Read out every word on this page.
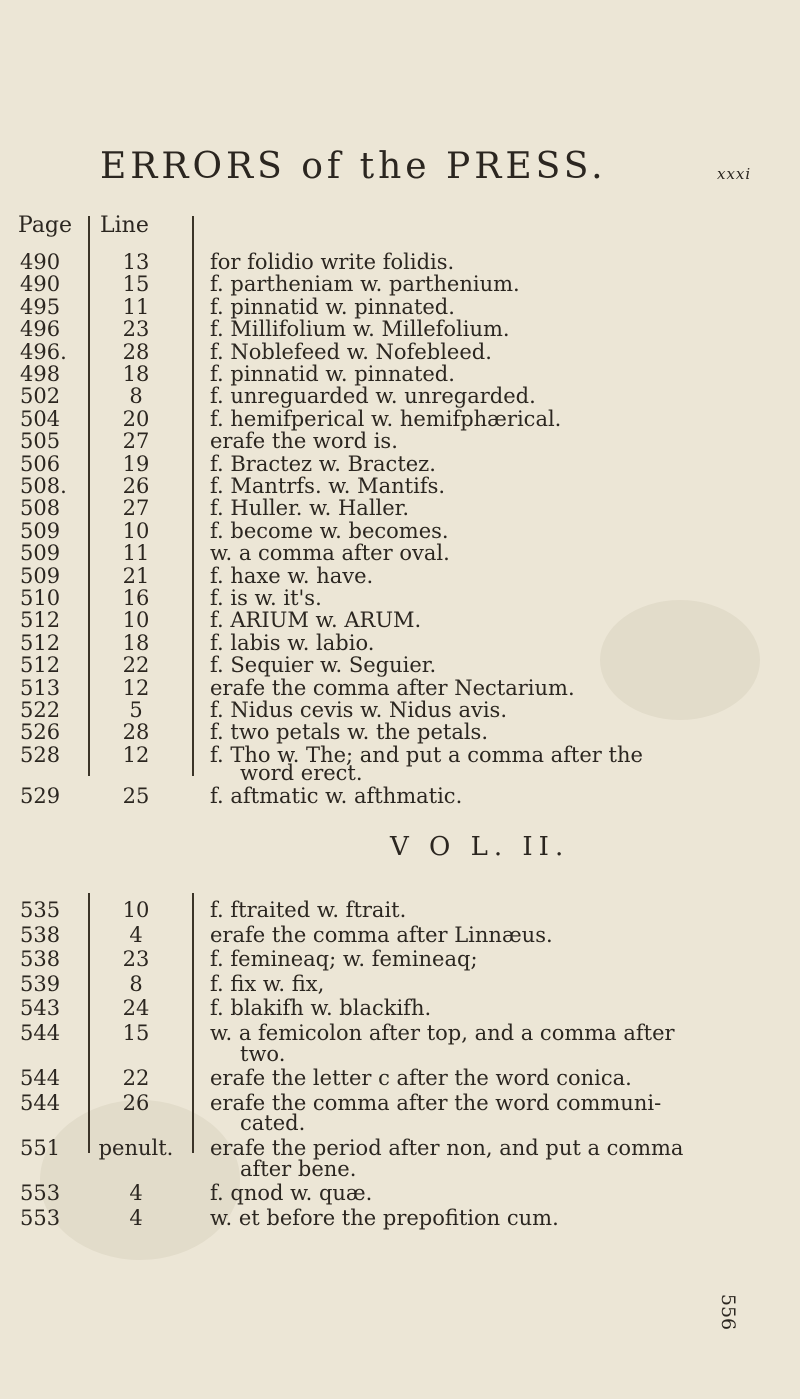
ERRORS of the PRESS.	xxxi
Page Line
490	13	for folidio write folidis.
490	15	f. partheniam w. parthenium.
495	11	f. pinnatid w. pinnated.
496	23	f. Millifolium w. Millefolium.
496.	28	f. Noblefeed w. Nofebleed.
498	18	f. pinnatid w. pinnated.
502	8	f. unreguarded w. unregarded.
504	20	f. hemifperical w. hemifphærical.
505	27	erafe the word is.
506	19	f. Bractez w. Bractez.
508.	26	f. Mantrfs. w. Mantifs.
508	27	f. Huller. w. Haller.
509	10	f. become w. becomes.
509	11	w. a comma after oval.
509	21	f. haxe w. have.
510	16	f. is w. it's.
512	10	f. ARIUM w. ARUM.
512	18	f. labis w. labio.
512	22	f. Sequier w. Seguier.
513	12	erafe the comma after Nectarium.
522	5	f. Nidus cevis w. Nidus avis.
526	28	f. two petals w. the petals.
528	12	f. Tho w. The; and put a comma after the
word erect.
529	25	f. aftmatic w. afthmatic.
V O L. II.
535	10	f. ftraited w. ftrait.
538	4	erafe the comma after Linnæus.
538	23	f. femineaq; w. femineaq;
539	8	f. fix w. fix,
543	24	f. blakifh w. blackifh.
544	15	w. a femicolon after top, and a comma after
two.
544	22	erafe the letter c after the word conica.
544	26	erafe the comma after the word communi-
cated.
551	penult. erafe the period after non, and put a comma
after bene.
553	4	f. qnod w. quæ.
553	4	w. et before the prepofition cum.
556
